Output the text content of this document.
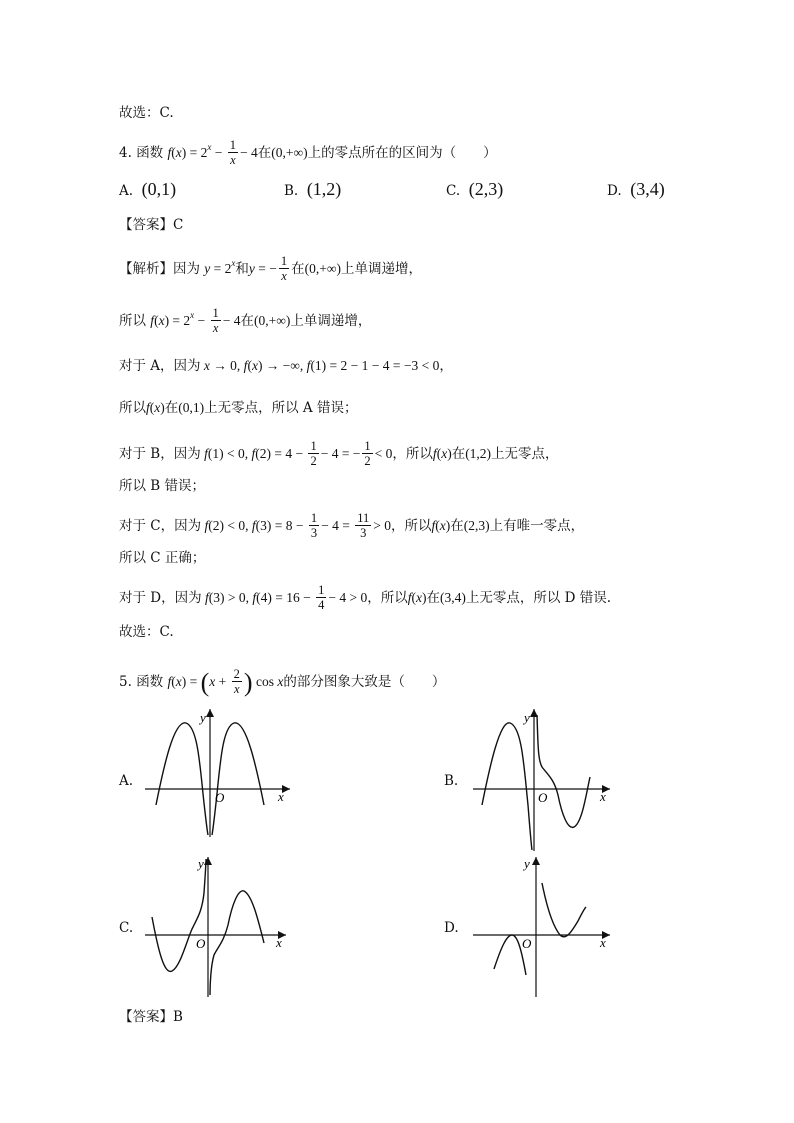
故选：C.
4. 函数 $f(x) = 2^x - \frac{1}{x} - 4$在(0,+∞)上的零点所在的区间为（　　）
A. (0,1)	B. (1,2)	C. (2,3)	D. (3,4)
【答案】C
【解析】因为 $y = 2^x$和y = − $\frac{1}{x}$ 在(0,+∞)上单调递增，
所以 $f(x) = 2^x - \frac{1}{x} - 4$在(0,+∞)上单调递增，
对于 A，因为 x → 0, f(x) → −∞, f(1) = 2 − 1 − 4 = −3 < 0，
所以f(x)在(0,1)上无零点，所以 A 错误；
对于 B，因为 f(1) < 0, $f(2) = 4 - \frac{1}{2} - 4$ = − $\frac{1}{2} < 0$，所以f(x)在(1,2)上无零点，
所以 B 错误；
对于 C，因为 f(2) < 0, $f(3) = 8 - \frac{1}{3} - 4 = \frac{11}{3} > 0$，所以f(x)在(2,3)上有唯一零点，
所以 C 正确；
对于 D，因为 f(3) > 0, $f(4) = 16 - \frac{1}{4} - 4 > 0$，所以f(x)在(3,4)上无零点，所以 D 错误.
故选：C.
5. 函数 $f(x) = (x + \frac{2}{x}$ ) cos x的部分图象大致是（　　）
A.
O	x
y
B.
O	x
y
C.
O	x
y
D.
O	x
y
【答案】B
